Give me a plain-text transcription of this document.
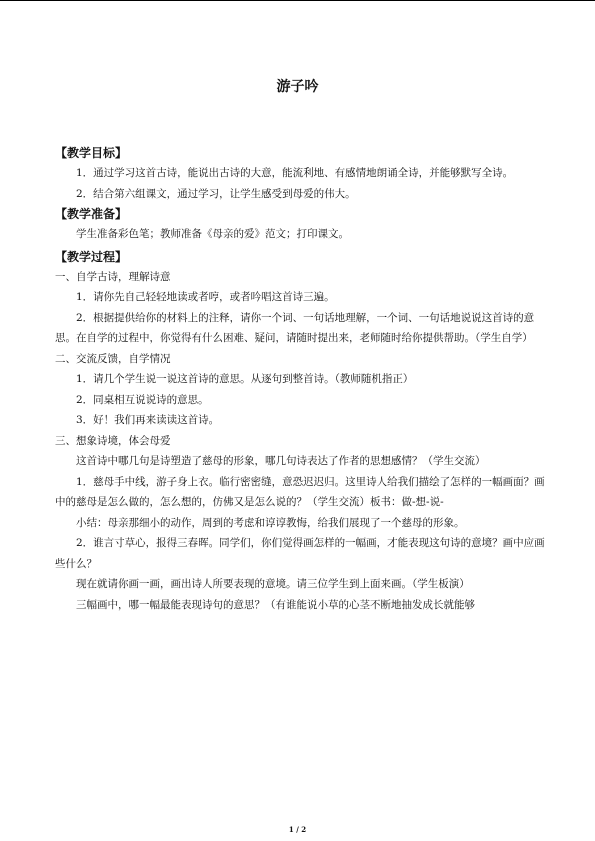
游子吟

【教学目标】

1．通过学习这首古诗，能说出古诗的大意，能流利地、有感情地朗诵全诗，并能够默写全诗。

2．结合第六组课文，通过学习，让学生感受到母爱的伟大。

【教学准备】

学生准备彩色笔；教师准备《母亲的爱》范文；打印课文。

【教学过程】

一、自学古诗，理解诗意

1．请你先自己轻轻地读或者哼，或者吟唱这首诗三遍。

2．根据提供给你的材料上的注释，请你一个词、一句话地理解，一个词、一句话地说说这首诗的意思。在自学的过程中，你觉得有什么困难、疑问，请随时提出来，老师随时给你提供帮助。（学生自学）

二、交流反馈，自学情况

1．请几个学生说一说这首诗的意思。从逐句到整首诗。（教师随机指正）

2．同桌相互说说诗的意思。

3．好！我们再来读读这首诗。

三、想象诗境，体会母爱

这首诗中哪几句是诗塑造了慈母的形象，哪几句诗表达了作者的思想感情？（学生交流）

1．慈母手中线，游子身上衣。临行密密缝，意恐迟迟归。这里诗人给我们描绘了怎样的一幅画面？画中的慈母是怎么做的，怎么想的，仿佛又是怎么说的？（学生交流）板书：做-想-说-

小结：母亲那细小的动作，周到的考虑和谆谆教悔，给我们展现了一个慈母的形象。

2．谁言寸草心，报得三春晖。同学们，你们觉得画怎样的一幅画，才能表现这句诗的意境？画中应画些什么？

现在就请你画一画，画出诗人所要表现的意境。请三位学生到上面来画。（学生板演）

三幅画中，哪一幅最能表现诗句的意思？（有谁能说小草的心茎不断地抽发成长就能够

1 / 2
